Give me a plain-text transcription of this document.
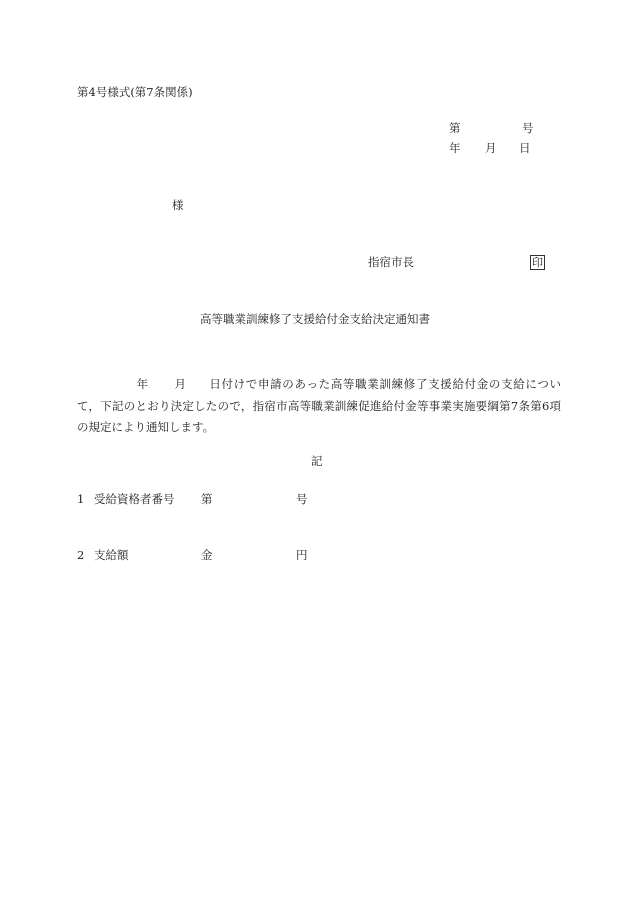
第4号様式(第7条関係)
第	号
年 月 日
様
指宿市長	印
高等職業訓練修了支援給付金支給決定通知書
年 月 日付けで申請のあった高等職業訓練修了支援給付金の支給について，下記のとおり決定したので，指宿市高等職業訓練促進給付金等事業実施要綱第7条第6項の規定により通知します。
記
1 受給資格者番号 第	号
2 支給額	金	円
